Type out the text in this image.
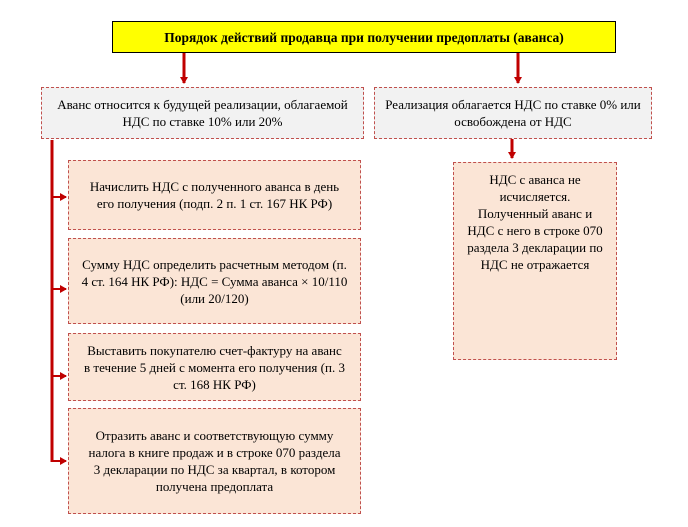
Порядок действий продавца при получении предоплаты (аванса)
Аванс относится к будущей реализации, облагаемой НДС по ставке 10% или 20%
Реализация облагается НДС по ставке 0% или освобождена от НДС
Начислить НДС с полученного аванса в день его получения (подп. 2 п. 1 ст. 167 НК РФ)
Сумму НДС определить расчетным методом (п. 4 ст. 164 НК РФ): НДС = Сумма аванса × 10/110 (или 20/120)
Выставить покупателю счет-фактуру на аванс в течение 5 дней с момента его получения (п. 3 ст. 168 НК РФ)
Отразить аванс и соответствующую сумму налога в книге продаж и в строке 070 раздела 3 декларации по НДС за квартал, в котором получена предоплата
НДС с аванса не исчисляется. Полученный аванс и НДС с него в строке 070 раздела 3 декларации по НДС не отражается
